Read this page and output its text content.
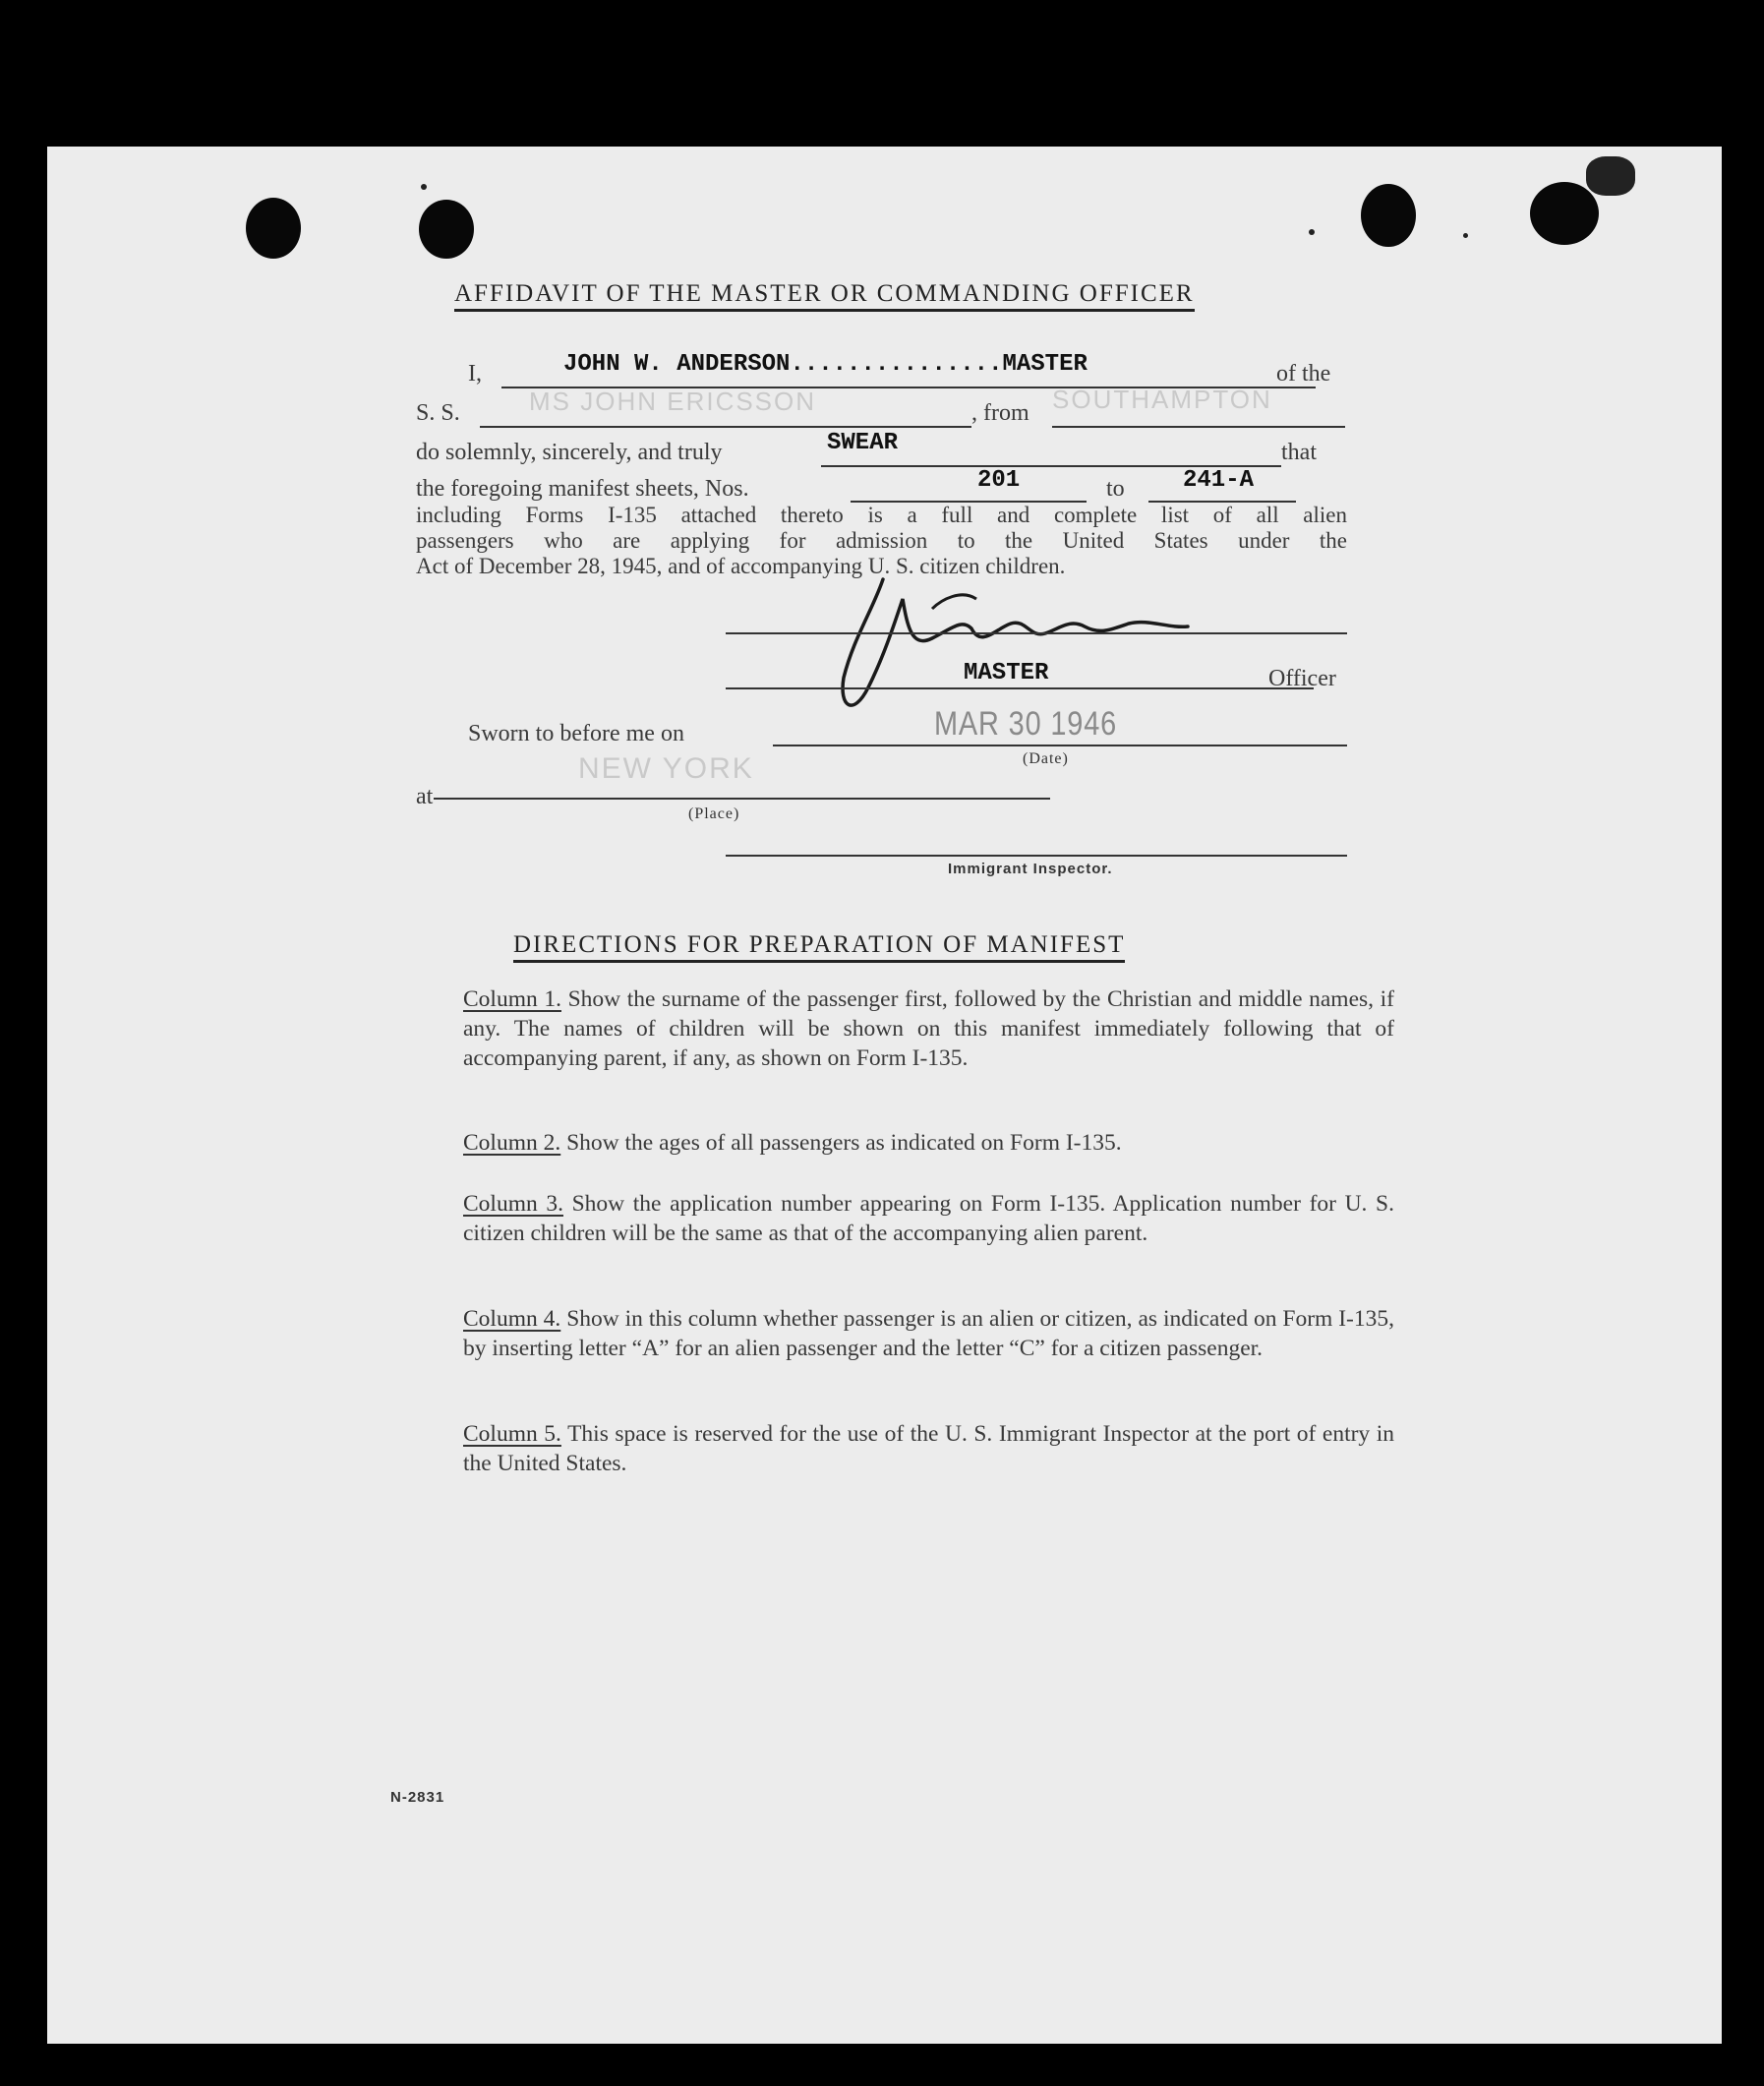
AFFIDAVIT OF THE MASTER OR COMMANDING OFFICER
I,	JOHN W. ANDERSON...............MASTER	of the
S. S.	MS JOHN ERICSSON	, from SOUTHAMPTON
do solemnly, sincerely, and truly	SWEAR	that
the foregoing manifest sheets, Nos.	201	to 241-A
including Forms I-135 attached thereto is a full and complete list of all alien
passengers who are applying for admission to the United States under the
Act of December 28, 1945, and of accompanying U. S. citizen children.
MASTER	Officer
Sworn to before me on	MAR 30 1946
(Date)
at
NEW YORK
(Place)
Immigrant Inspector.
DIRECTIONS FOR PREPARATION OF MANIFEST
Column 1. Show the surname of the passenger first, followed by the Christian and middle names, if any. The names of children will be shown on this manifest immediately following that of accompanying parent, if any, as shown on Form I-135.
Column 2. Show the ages of all passengers as indicated on Form I-135.
Column 3. Show the application number appearing on Form I-135. Application number for U. S. citizen children will be the same as that of the accompanying alien parent.
Column 4. Show in this column whether passenger is an alien or citizen, as indicated on Form I-135, by inserting letter “A” for an alien passenger and the letter “C” for a citizen passenger.
Column 5. This space is reserved for the use of the U. S. Immigrant Inspector at the port of entry in the United States.
N-2831
